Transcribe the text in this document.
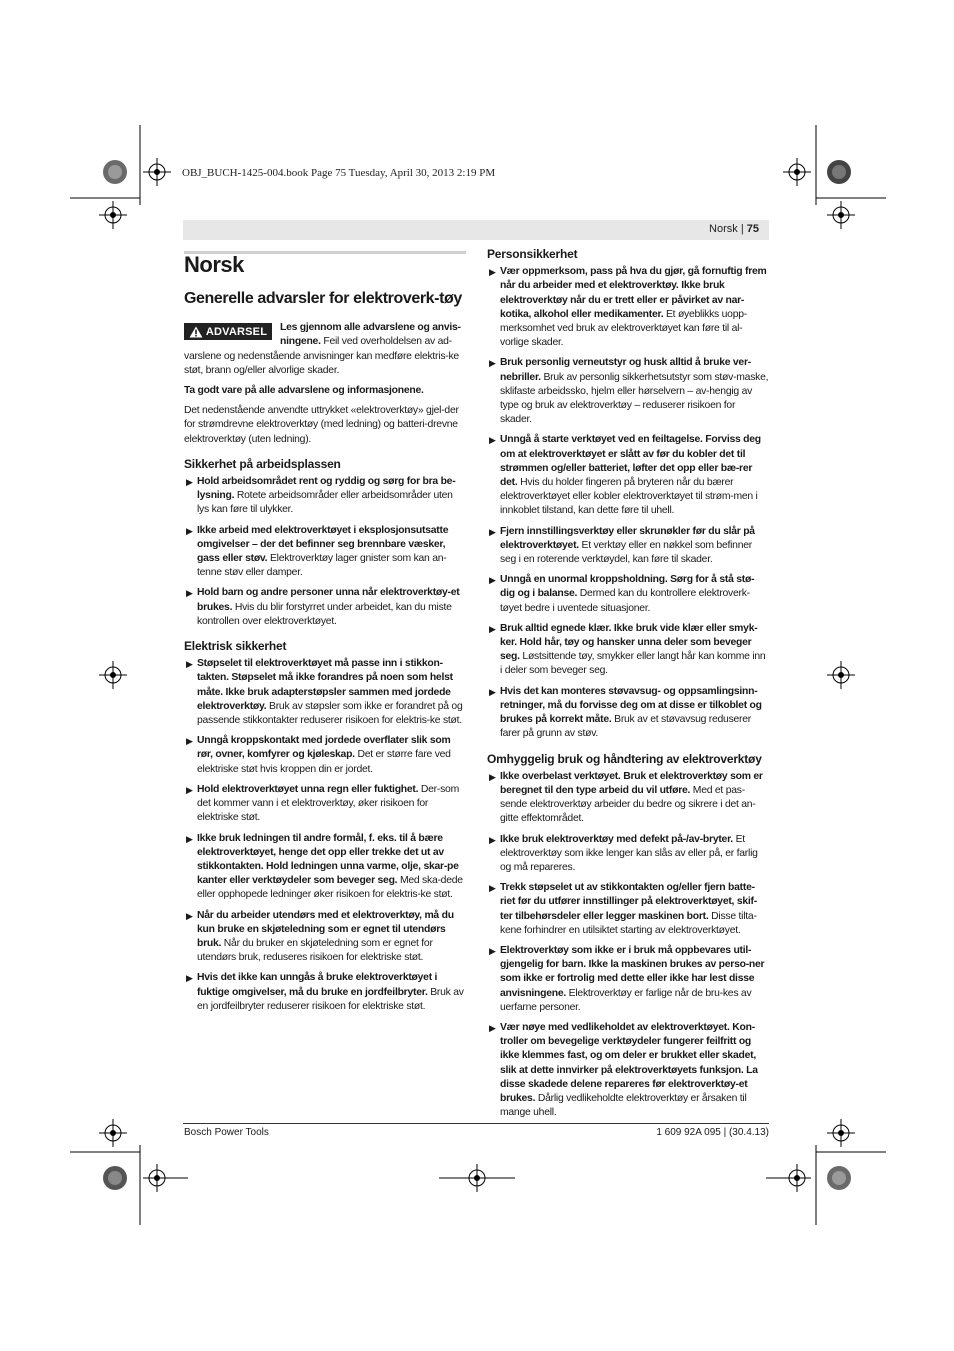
OBJ_BUCH-1425-004.book Page 75 Tuesday, April 30, 2013 2:19 PM
Norsk | 75
Norsk
Generelle advarsler for elektroverk-tøy
ADVARSEL	Les gjennom alle advarslene og anvis-ningene. Feil ved overholdelsen av ad-varslene og nedenstående anvisninger kan medføre elektris-ke støt, brann og/eller alvorlige skader.

Ta godt vare på alle advarslene og informasjonene.

Det nedenstående anvendte uttrykket «elektroverktøy» gjel-der for strømdrevne elektroverktøy (med ledning) og batteri-drevne elektroverktøy (uten ledning).

Sikkerhet på arbeidsplassen
▶ Hold arbeidsområdet rent og ryddig og sørg for bra be-lysning. Rotete arbeidsområder eller arbeidsområder uten lys kan føre til ulykker.
▶ Ikke arbeid med elektroverktøyet i eksplosjonsutsatte omgivelser – der det befinner seg brennbare væsker, gass eller støv. Elektroverktøy lager gnister som kan an-tenne støv eller damper.
▶ Hold barn og andre personer unna når elektroverktøy-et brukes. Hvis du blir forstyrret under arbeidet, kan du miste kontrollen over elektroverktøyet.
Elektrisk sikkerhet
▶ Støpselet til elektroverktøyet må passe inn i stikkon-takten. Støpselet må ikke forandres på noen som helst måte. Ikke bruk adapterstøpsler sammen med jordede elektroverktøy. Bruk av støpsler som ikke er forandret på og passende stikkontakter reduserer risikoen for elektris-ke støt.
▶ Unngå kroppskontakt med jordede overflater slik som rør, ovner, komfyrer og kjøleskap. Det er større fare ved elektriske støt hvis kroppen din er jordet.
▶ Hold elektroverktøyet unna regn eller fuktighet. Der-som det kommer vann i et elektroverktøy, øker risikoen for elektriske støt.
▶ Ikke bruk ledningen til andre formål, f. eks. til å bære elektroverktøyet, henge det opp eller trekke det ut av stikkontakten. Hold ledningen unna varme, olje, skar-pe kanter eller verktøydeler som beveger seg. Med ska-dede eller opphopede ledninger øker risikoen for elektris-ke støt.
▶ Når du arbeider utendørs med et elektroverktøy, må du kun bruke en skjøteledning som er egnet til utendørs bruk. Når du bruker en skjøteledning som er egnet for utendørs bruk, reduseres risikoen for elektriske støt.
▶ Hvis det ikke kan unngås å bruke elektroverktøyet i fuktige omgivelser, må du bruke en jordfeilbryter. Bruk av en jordfeilbryter reduserer risikoen for elektriske støt.
Personsikkerhet
▶ Vær oppmerksom, pass på hva du gjør, gå fornuftig frem når du arbeider med et elektroverktøy. Ikke bruk elektroverktøy når du er trett eller er påvirket av nar-kotika, alkohol eller medikamenter. Et øyeblikks uopp-merksomhet ved bruk av elektroverktøyet kan føre til al-vorlige skader.
▶ Bruk personlig verneutstyr og husk alltid å bruke ver-nebriller. Bruk av personlig sikkerhetsutstyr som støv-maske, sklifaste arbeidssko, hjelm eller hørselvern – av-hengig av type og bruk av elektroverktøy – reduserer risikoen for skader.
▶ Unngå å starte verktøyet ved en feiltagelse. Forviss deg om at elektroverktøyet er slått av før du kobler det til strømmen og/eller batteriet, løfter det opp eller bæ-rer det. Hvis du holder fingeren på bryteren når du bærer elektroverktøyet eller kobler elektroverktøyet til strøm-men i innkoblet tilstand, kan dette føre til uhell.
▶ Fjern innstillingsverktøy eller skrunøkler før du slår på elektroverktøyet. Et verktøy eller en nøkkel som befinner seg i en roterende verktøydel, kan føre til skader.
▶ Unngå en unormal kroppsholdning. Sørg for å stå stø-dig og i balanse. Dermed kan du kontrollere elektroverk-tøyet bedre i uventede situasjoner.
▶ Bruk alltid egnede klær. Ikke bruk vide klær eller smyk-ker. Hold hår, tøy og hansker unna deler som beveger seg. Løstsittende tøy, smykker eller langt hår kan komme inn i deler som beveger seg.
▶ Hvis det kan monteres støvavsug- og oppsamlingsinn-retninger, må du forvisse deg om at disse er tilkoblet og brukes på korrekt måte. Bruk av et støvavsug reduserer farer på grunn av støv.
Omhyggelig bruk og håndtering av elektroverktøy
▶ Ikke overbelast verktøyet. Bruk et elektroverktøy som er beregnet til den type arbeid du vil utføre. Med et pas-sende elektroverktøy arbeider du bedre og sikrere i det an-gitte effektområdet.
▶ Ikke bruk elektroverktøy med defekt på-/av-bryter. Et elektroverktøy som ikke lenger kan slås av eller på, er farlig og må repareres.
▶ Trekk støpselet ut av stikkontakten og/eller fjern batte-riet før du utfører innstillinger på elektroverktøyet, skif-ter tilbehørsdeler eller legger maskinen bort. Disse tilta-kene forhindrer en utilsiktet starting av elektroverktøyet.
▶ Elektroverktøy som ikke er i bruk må oppbevares util-gjengelig for barn. Ikke la maskinen brukes av perso-ner som ikke er fortrolig med dette eller ikke har lest disse anvisningene. Elektroverktøy er farlige når de bru-kes av uerfarne personer.
▶ Vær nøye med vedlikeholdet av elektroverktøyet. Kon-troller om bevegelige verktøydeler fungerer feilfritt og ikke klemmes fast, og om deler er brukket eller skadet, slik at dette innvirker på elektroverktøyets funksjon. La disse skadede delene repareres før elektroverktøy-et brukes. Dårlig vedlikeholdte elektroverktøy er årsaken til mange uhell.
Bosch Power Tools	1 609 92A 095 | (30.4.13)
